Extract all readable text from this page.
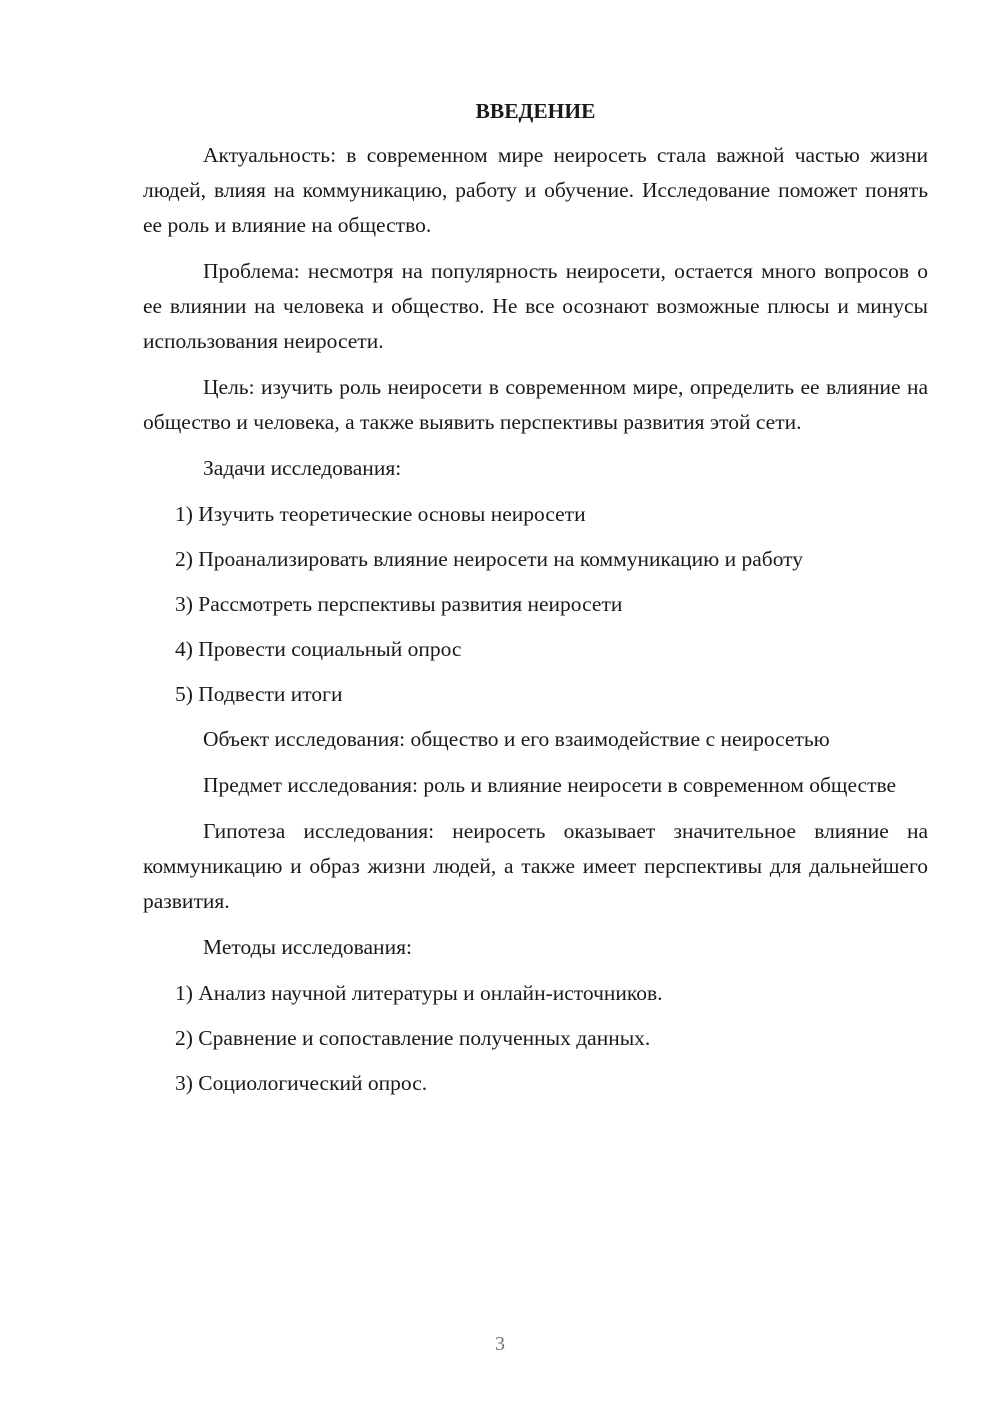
ВВЕДЕНИЕ

Актуальность: в современном мире неиросеть стала важной частью жизни людей, влияя на коммуникацию, работу и обучение. Исследование поможет понять ее роль и влияние на общество.

Проблема: несмотря на популярность неиросети, остается много вопросов о ее влиянии на человека и общество. Не все осознают возможные плюсы и минусы использования неиросети.

Цель: изучить роль неиросети в современном мире, определить ее влияние на общество и человека, а также выявить перспективы развития этой сети.

Задачи исследования:

1) Изучить теоретические основы неиросети
2) Проанализировать влияние неиросети на коммуникацию и работу
3) Рассмотреть перспективы развития неиросети
4) Провести социальный опрос
5) Подвести итоги

Объект исследования: общество и его взаимодействие с неиросетью

Предмет исследования: роль и влияние неиросети в современном обществе

Гипотеза исследования: неиросеть оказывает значительное влияние на коммуникацию и образ жизни людей, а также имеет перспективы для дальнейшего развития.

Методы исследования:

1) Анализ научной литературы и онлайн-источников.
2) Сравнение и сопоставление полученных данных.
3) Социологический опрос.
3
